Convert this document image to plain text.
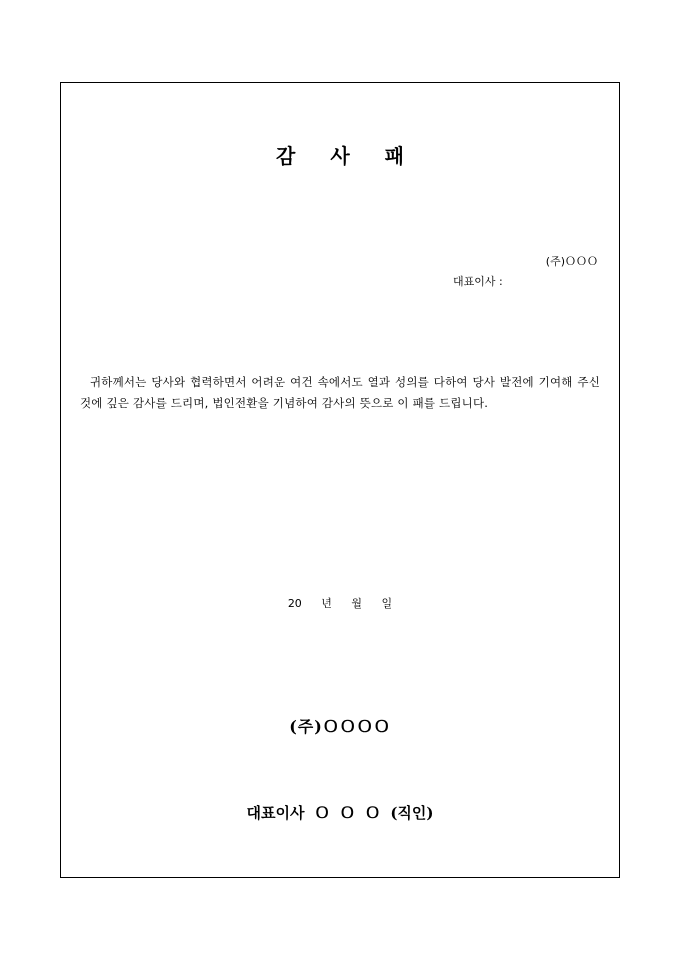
감 사 패
(주)ＯＯＯ
대표이사 :
귀하께서는 당사와 협력하면서 어려운 여건 속에서도 열과 성의를 다하여 당사 발전에 기여해 주신 것에 깊은 감사를 드리며, 법인전환을 기념하여 감사의 뜻으로 이 패를 드립니다.
20 년 월 일
(주)ＯＯＯＯ
대표이사 Ｏ Ｏ Ｏ (직인)
